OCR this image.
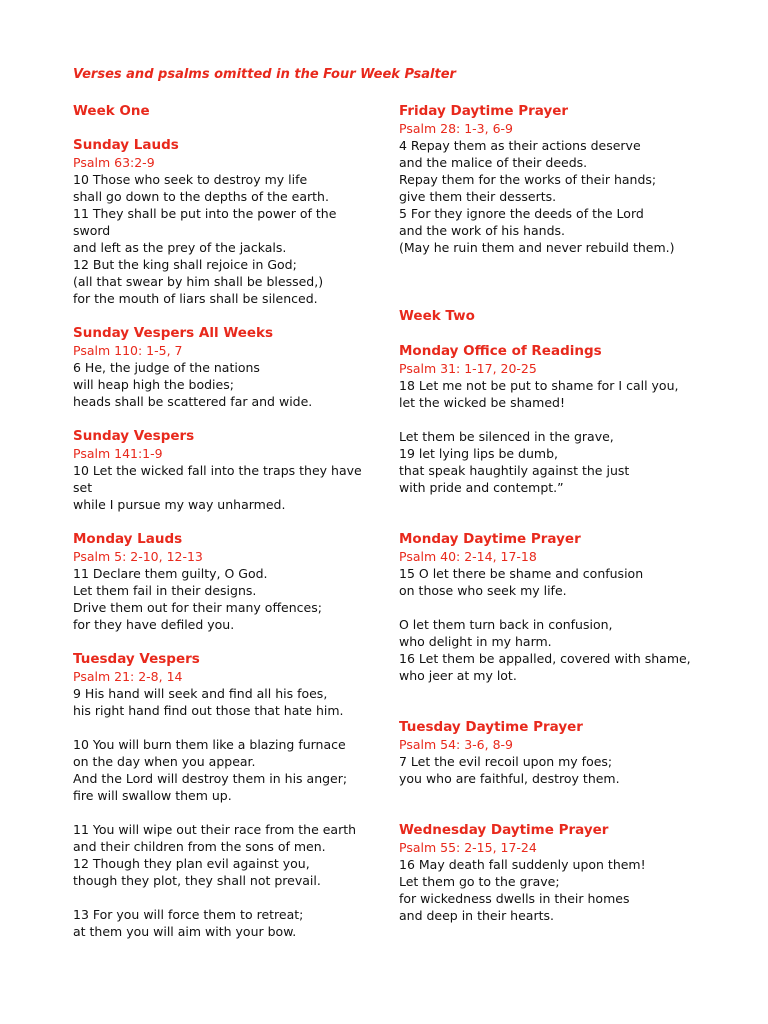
Verses and psalms omitted in the Four Week Psalter
Week One
Sunday Lauds
Psalm 63:2-9
10 Those who seek to destroy my life
shall go down to the depths of the earth.
11 They shall be put into the power of the
sword
and left as the prey of the jackals.
12 But the king shall rejoice in God;
(all that swear by him shall be blessed,)
for the mouth of liars shall be silenced.
Sunday Vespers All Weeks
Psalm 110: 1-5, 7
6 He, the judge of the nations
will heap high the bodies;
heads shall be scattered far and wide.
Sunday Vespers
Psalm 141:1-9
10 Let the wicked fall into the traps they have
set
while I pursue my way unharmed.
Monday Lauds
Psalm 5: 2-10, 12-13
11 Declare them guilty, O God.
Let them fail in their designs.
Drive them out for their many offences;
for they have defiled you.
Tuesday Vespers
Psalm 21: 2-8, 14
9 His hand will seek and find all his foes,
his right hand find out those that hate him.
10 You will burn them like a blazing furnace
on the day when you appear.
And the Lord will destroy them in his anger;
fire will swallow them up.
11 You will wipe out their race from the earth
and their children from the sons of men.
12 Though they plan evil against you,
though they plot, they shall not prevail.
13 For you will force them to retreat;
at them you will aim with your bow.
Friday Daytime Prayer
Psalm 28: 1-3, 6-9
4 Repay them as their actions deserve
and the malice of their deeds.
Repay them for the works of their hands;
give them their desserts.
5 For they ignore the deeds of the Lord
and the work of his hands.
(May he ruin them and never rebuild them.)
Week Two
Monday Office of Readings
Psalm 31: 1-17, 20-25
18 Let me not be put to shame for I call you,
let the wicked be shamed!
Let them be silenced in the grave,
19 let lying lips be dumb,
that speak haughtily against the just
with pride and contempt.”
Monday Daytime Prayer
Psalm 40: 2-14, 17-18
15 O let there be shame and confusion
on those who seek my life.
O let them turn back in confusion,
who delight in my harm.
16 Let them be appalled, covered with shame,
who jeer at my lot.
Tuesday Daytime Prayer
Psalm 54: 3-6, 8-9
7 Let the evil recoil upon my foes;
you who are faithful, destroy them.
Wednesday Daytime Prayer
Psalm 55: 2-15, 17-24
16 May death fall suddenly upon them!
Let them go to the grave;
for wickedness dwells in their homes
and deep in their hearts.
